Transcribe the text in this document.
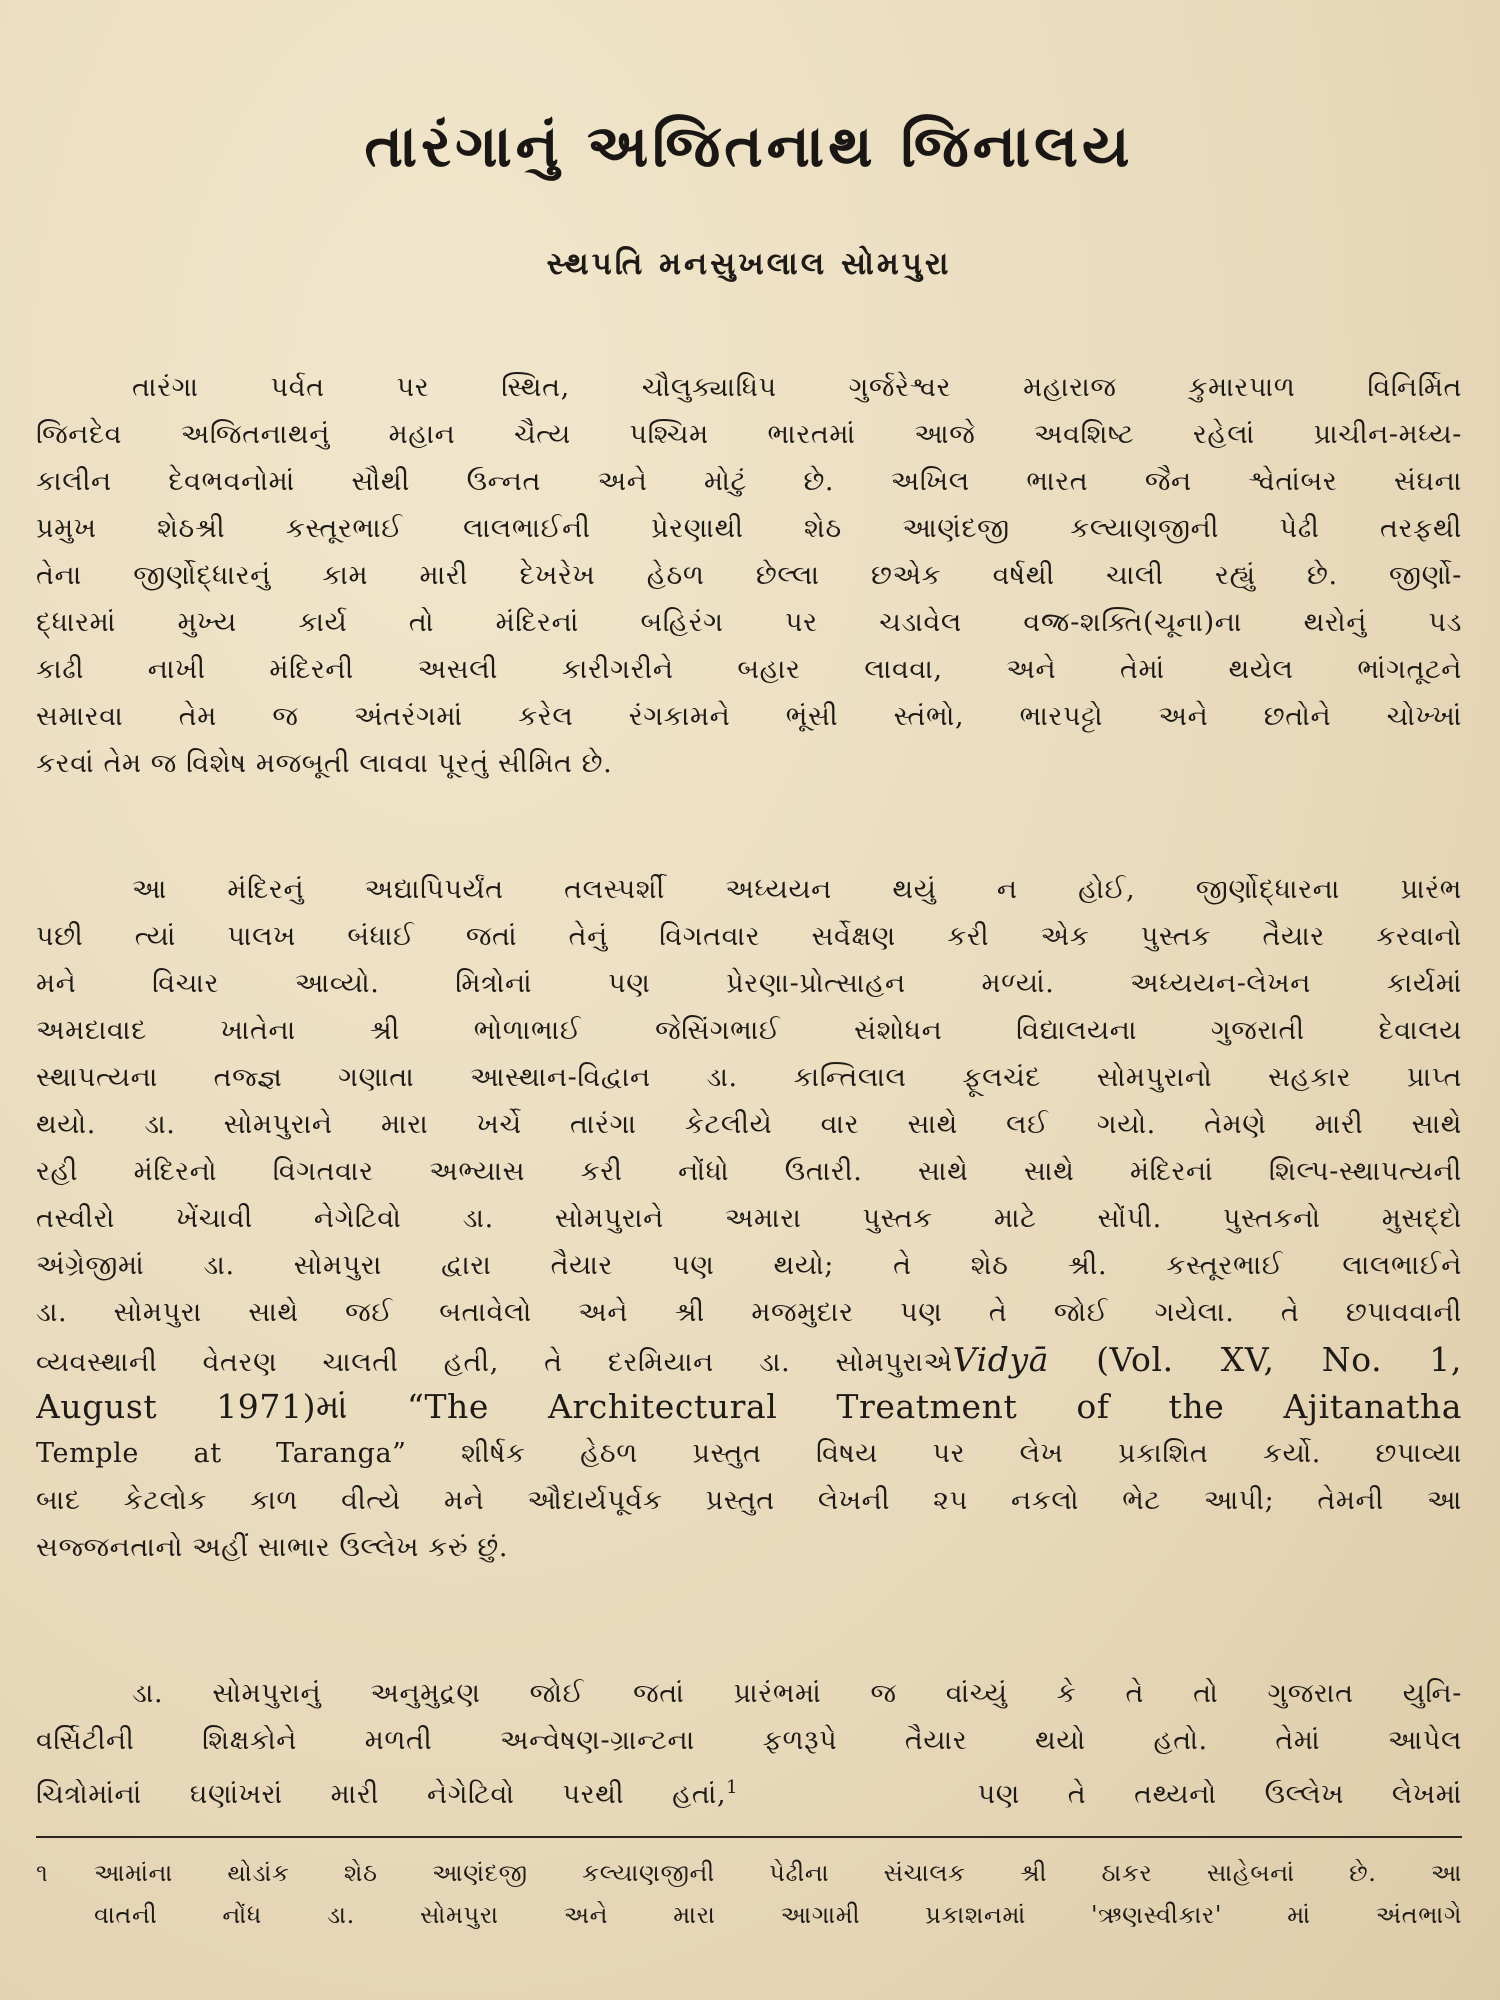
તારંગાનું અજિતનાથ જિનાલય
સ્થપતિ મનસુખલાલ સોમપુરા
તારંગા પર્વત પર સ્થિત, ચૌલુક્યાધિપ ગુર્જરેશ્વર મહારાજ કુમારપાળ વિનિર્મિત
જિનદેવ અજિતનાથનું મહાન ચૈત્ય પશ્ચિમ ભારતમાં આજે અવશિષ્ટ રહેલાં પ્રાચીન-મધ્ય-
કાલીન દેવભવનોમાં સૌથી ઉન્નત અને મોટું છે. અખિલ ભારત જૈન શ્વેતાંબર સંઘના
પ્રમુખ શેઠશ્રી કસ્તૂરભાઈ લાલભાઈની પ્રેરણાથી શેઠ આણંદજી કલ્યાણજીની પેઢી તરફથી
તેના જીર્ણોદ્ધારનું કામ મારી દેખરેખ હેઠળ છેલ્લા છએક વર્ષથી ચાલી રહ્યું છે. જીર્ણો-
દ્ધારમાં મુખ્ય કાર્ય તો મંદિરનાં બહિરંગ પર ચડાવેલ વજ્ર-શક્તિ(ચૂના)ના થરોનું પડ
કાઢી નાખી મંદિરની અસલી કારીગરીને બહાર લાવવા, અને તેમાં થયેલ ભાંગતૂટને
સમારવા તેમ જ અંતરંગમાં કરેલ રંગકામને ભૂંસી સ્તંભો, ભારપટ્ટો અને છતોને ચોખ્ખાં
કરવાં તેમ જ વિશેષ મજબૂતી લાવવા પૂરતું સીમિત છે.
આ મંદિરનું અદ્યાપિપર્યંત તલસ્પર્શી અધ્યયન થયું ન હોઈ, જીર્ણોદ્ધારના પ્રારંભ
પછી ત્યાં પાલખ બંધાઈ જતાં તેનું વિગતવાર સર્વેક્ષણ કરી એક પુસ્તક તૈયાર કરવાનો
મને વિચાર આવ્યો. મિત્રોનાં પણ પ્રેરણા-પ્રોત્સાહન મળ્યાં. અધ્યયન-લેખન કાર્યમાં
અમદાવાદ ખાતેના શ્રી ભોળાભાઈ જેસિંગભાઈ સંશોધન વિદ્યાલયના ગુજરાતી દેવાલય
સ્થાપત્યના તજ્જ્ઞ ગણાતા આસ્થાન-વિદ્વાન ડા. કાન્તિલાલ ફૂલચંદ સોમપુરાનો સહકાર પ્રાપ્ત
થયો. ડા. સોમપુરાને મારા ખર્ચે તારંગા કેટલીયે વાર સાથે લઈ ગયો. તેમણે મારી સાથે
રહી મંદિરનો વિગતવાર અભ્યાસ કરી નોંધો ઉતારી. સાથે સાથે મંદિરનાં શિલ્પ-સ્થાપત્યની
તસ્વીરો ખેંચાવી નેગેટિવો ડા. સોમપુરાને અમારા પુસ્તક માટે સોંપી. પુસ્તકનો મુસદ્દો
અંગ્રેજીમાં ડા. સોમપુરા દ્વારા તૈયાર પણ થયો; તે શેઠ શ્રી. કસ્તૂરભાઈ લાલભાઈને
ડા. સોમપુરા સાથે જઈ બતાવેલો અને શ્રી મજમુદાર પણ તે જોઈ ગયેલા. તે છપાવવાની
વ્યવસ્થાની વેતરણ ચાલતી હતી, તે દરમિયાન ડા. સોમપુરાએVidyā (Vol. XV, No. 1,
August 1971)માં “The Architectural Treatment of the Ajitanatha
Temple at Taranga” શીર્ષક હેઠળ પ્રસ્તુત વિષય પર લેખ પ્રકાશિત કર્યો. છપાવ્યા
બાદ કેટલોક કાળ વીત્યે મને ઔદાર્યપૂર્વક પ્રસ્તુત લેખની ૨૫ નકલો ભેટ આપી; તેમની આ
સજ્જનતાનો અહીં સાભાર ઉલ્લેખ કરું છું.
ડા. સોમપુરાનું અનુમુદ્રણ જોઈ જતાં પ્રારંભમાં જ વાંચ્યું કે તે તો ગુજરાત યુનિ-
વર્સિટીની શિક્ષકોને મળતી અન્વેષણ-ગ્રાન્ટના ફળરૂપે તૈયાર થયો હતો. તેમાં આપેલ
ચિત્રોમાંનાં ઘણાંખરાં મારી નેગેટિવો પરથી હતાં,$^1$	પણ તે તથ્યનો ઉલ્લેખ લેખમાં
૧ આમાંના થોડાંક શેઠ આણંદજી કલ્યાણજીની પેઢીના સંચાલક શ્રી ઠાકર સાહેબનાં છે. આ
વાતની નોંધ ડા. સોમપુરા અને મારા આગામી પ્રકાશનમાં 'ઋણસ્વીકાર' માં અંતભાગે
